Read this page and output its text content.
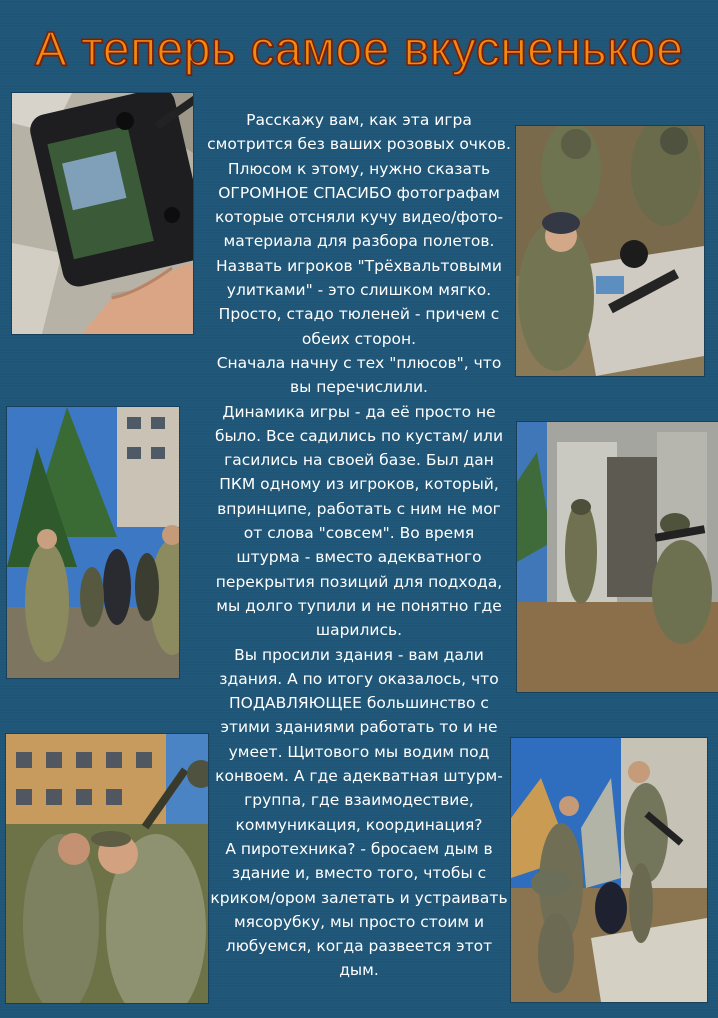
А теперь самое вкусненькое

Расскажу вам, как эта игра

смотрится без ваших розовых очков.

Плюсом к этому, нужно сказать

ОГРОМНОЕ СПАСИБО фотографам

которые отсняли кучу видео/фото-

материала для разбора полетов.

Назвать игроков "Трёхвальтовыми

улитками" - это слишком мягко.

Просто, стадо тюленей - причем с

обеих сторон.

Сначала начну с тех "плюсов", что

вы перечислили.

Динамика игры - да её просто не

было. Все садились по кустам/ или

гасились на своей базе. Был дан

ПКМ одному из игроков, который,

впринципе, работать с ним не мог

от слова "совсем". Во время

штурма - вместо адекватного

перекрытия позиций для подхода,

мы долго тупили и не понятно где

шарились.

Вы просили здания - вам дали

здания. А по итогу оказалось, что

ПОДАВЛЯЮЩЕЕ большинство с

этими зданиями работать то и не

умеет. Щитового мы водим под

конвоем. А где адекватная штурм-

группа, где взаимодествие,

коммуникация, координация?

А пиротехника? - бросаем дым в

здание и, вместо того, чтобы с

криком/ором залетать и устраивать

мясорубку, мы просто стоим и

любуемся, когда развеется этот

дым.
